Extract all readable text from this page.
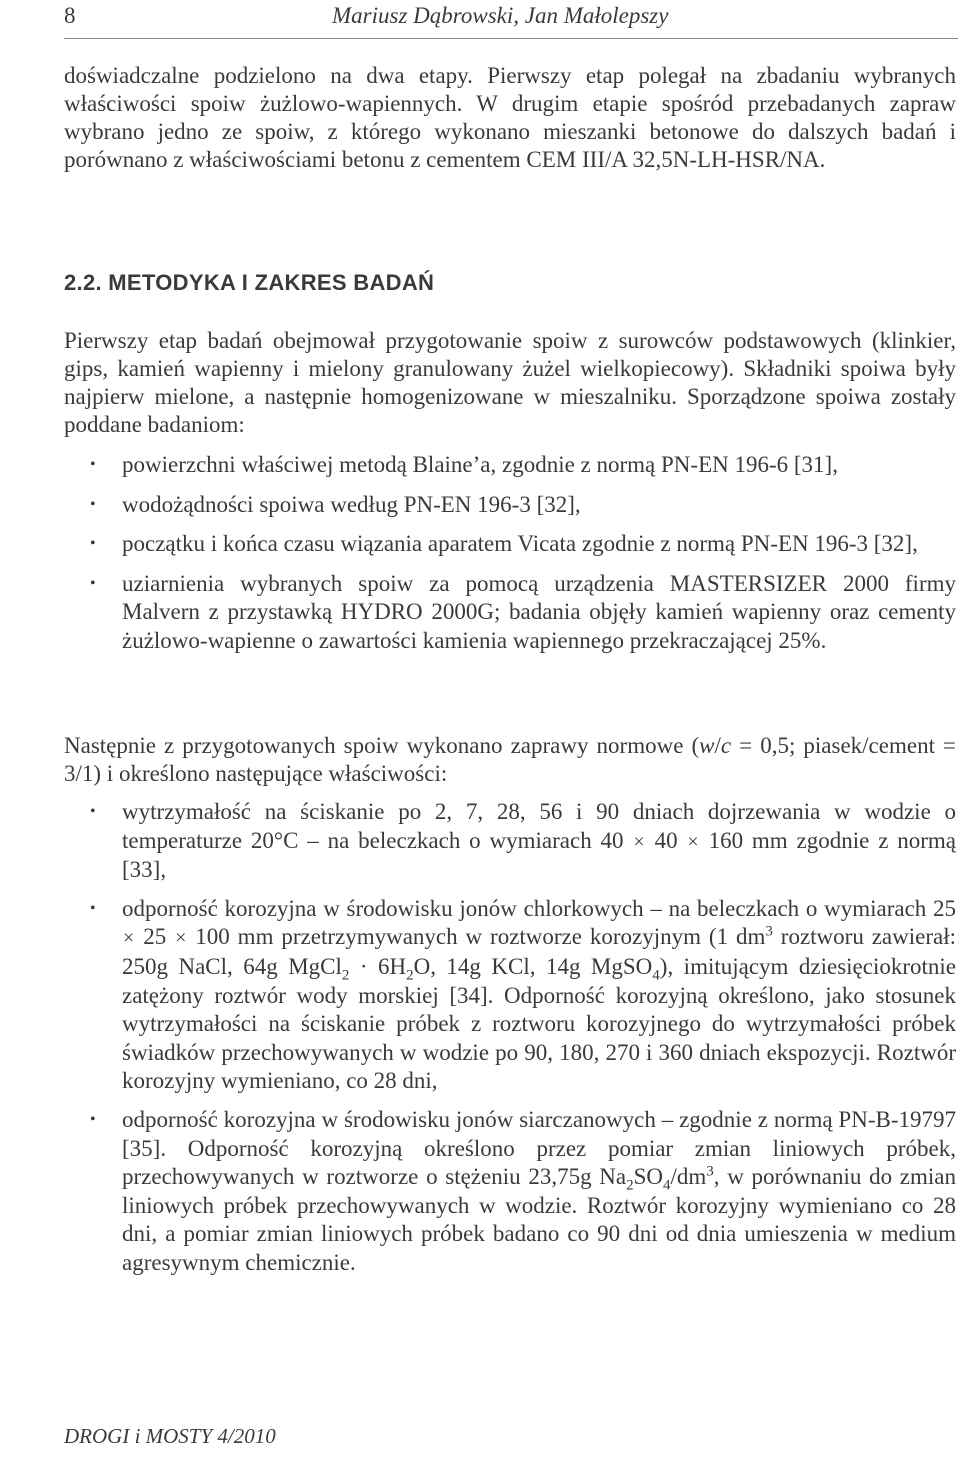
8	Mariusz Dąbrowski, Jan Małolepszy

doświadczalne podzielono na dwa etapy. Pierwszy etap polegał na zbadaniu wybranych właściwości spoiw żużlowo-wapiennych. W drugim etapie spośród przebadanych zapraw wybrano jedno ze spoiw, z którego wykonano mieszanki betonowe do dalszych badań i porównano z właściwościami betonu z cementem CEM III/A 32,5N-LH-HSR/NA.

2.2. METODYKA I ZAKRES BADAŃ

Pierwszy etap badań obejmował przygotowanie spoiw z surowców podstawowych (klinkier, gips, kamień wapienny i mielony granulowany żużel wielkopiecowy). Składniki spoiwa były najpierw mielone, a następnie homogenizowane w mieszalniku. Sporządzone spoiwa zostały poddane badaniom:

• powierzchni właściwej metodą Blaine’a, zgodnie z normą PN-EN 196-6 [31],
• wodożądności spoiwa według PN-EN 196-3 [32],
• początku i końca czasu wiązania aparatem Vicata zgodnie z normą PN-EN 196-3 [32],
• uziarnienia wybranych spoiw za pomocą urządzenia MASTERSIZER 2000 firmy Malvern z przystawką HYDRO 2000G; badania objęły kamień wapienny oraz cementy żużlowo-wapienne o zawartości kamienia wapiennego przekraczającej 25%.

Następnie z przygotowanych spoiw wykonano zaprawy normowe (w/c = 0,5; piasek/cement = 3/1) i określono następujące właściwości:

• wytrzymałość na ściskanie po 2, 7, 28, 56 i 90 dniach dojrzewania w wodzie o temperaturze 20°C – na beleczkach o wymiarach 40 × 40 × 160 mm zgodnie z normą [33],
• odporność korozyjna w środowisku jonów chlorkowych – na beleczkach o wymiarach 25 × 25 × 100 mm przetrzymywanych w roztworze korozyjnym (1 $dm^3$ roztworu zawierał: 250g NaCl, 64g MgCl$_2$ · $6H_2O$, 14g KCl, 14g MgSO$_4$), imitującym dziesięciokrotnie zatężony roztwór wody morskiej [34]. Odporność korozyjną określono, jako stosunek wytrzymałości na ściskanie próbek z roztworu korozyjnego do wytrzymałości próbek świadków przechowywanych w wodzie po 90, 180, 270 i 360 dniach ekspozycji. Roztwór korozyjny wymieniano, co 28 dni,
• odporność korozyjna w środowisku jonów siarczanowych – zgodnie z normą PN-B-19797 [35]. Odporność korozyjną określono przez pomiar zmian liniowych próbek, przechowywanych w roztworze o stężeniu 23,75g $Na_2SO_4/dm^3$, w porównaniu do zmian liniowych próbek przechowywanych w wodzie. Roztwór korozyjny wymieniano co 28 dni, a pomiar zmian liniowych próbek badano co 90 dni od dnia umieszenia w medium agresywnym chemicznie.
DROGI i MOSTY 4/2010
